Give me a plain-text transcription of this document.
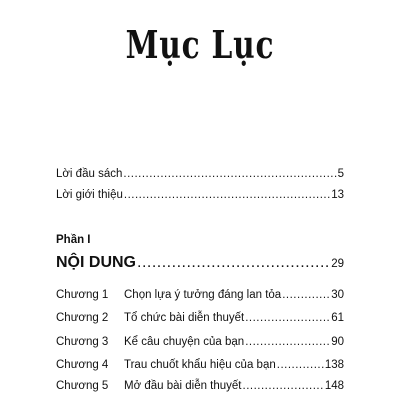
Mục Lục
Lời đầu sách .....	5
Lời giới thiệu .....	13
Phần I
NỘI DUNG .....	29
Chương 1	Chọn lựa ý tưởng đáng lan tỏa .....	30
Chương 2	Tổ chức bài diễn thuyết .....	61
Chương 3	Kể câu chuyện của bạn .....	90
Chương 4	Trau chuốt khẩu hiệu của bạn .....	138
Chương 5	Mở đầu bài diễn thuyết .....	148
